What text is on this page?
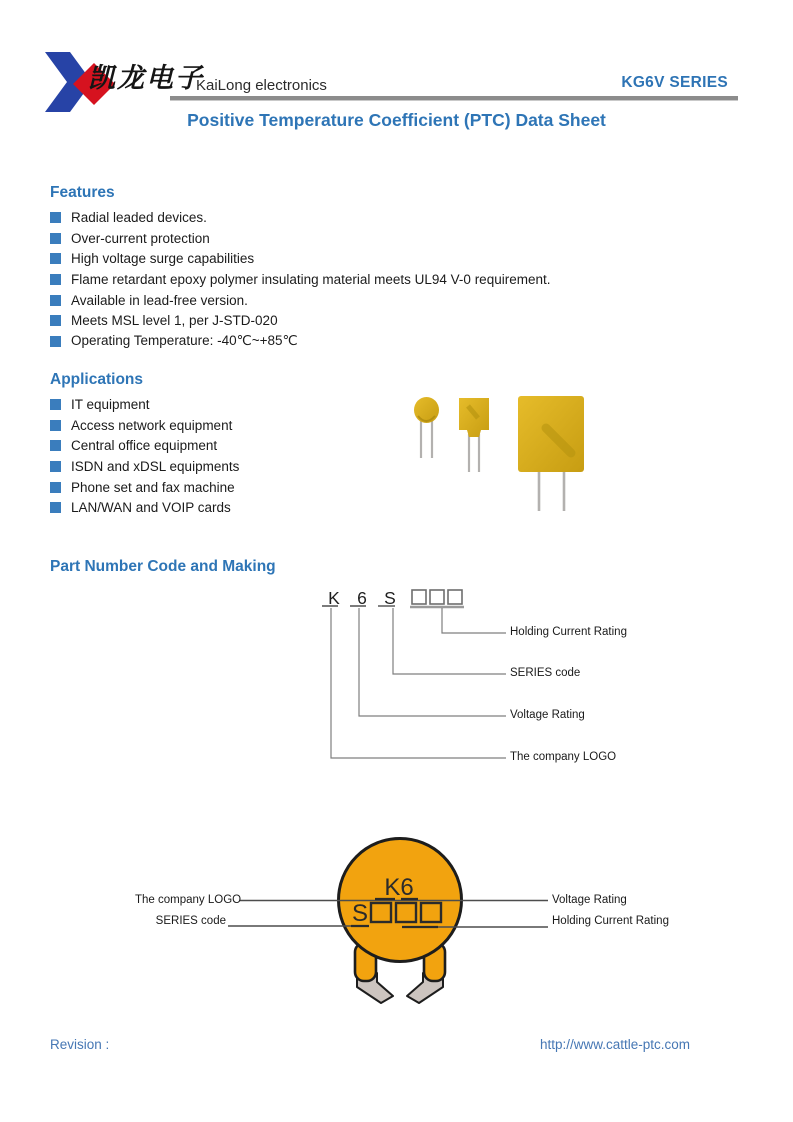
凯龙电子
KaiLong electronics	KG6V SERIES
Positive Temperature Coefficient (PTC) Data Sheet
Features
Radial leaded devices.
Over-current protection
High voltage surge capabilities
Flame retardant epoxy polymer insulating material meets UL94 V-0 requirement.
Available in lead-free version.
Meets MSL level 1, per J-STD-020
Operating Temperature: -40℃~+85℃
Applications
IT equipment
Access network equipment
Central office equipment
ISDN and xDSL equipments
Phone set and fax machine
LAN/WAN and VOIP cards
Part Number Code and Making
K 6 S
Holding Current Rating
SERIES code
Voltage Rating
The company LOGO
K6
S
The company LOGO
SERIES code
Voltage Rating
Holding Current Rating
Revision :	http://www.cattle-ptc.com
